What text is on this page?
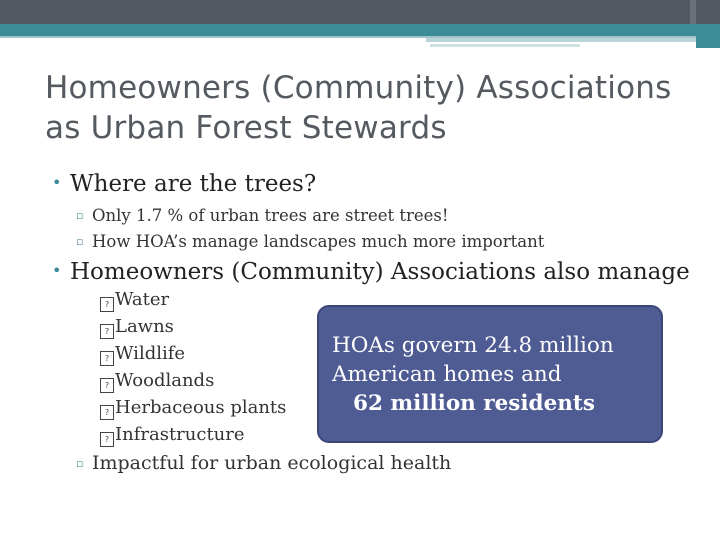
Homeowners (Community) Associations
as Urban Forest Stewards
• Where are the trees?
▫ Only 1.7 % of urban trees are street trees!
▫ How HOA’s manage landscapes much more important
• Homeowners (Community) Associations also manage
? Water
? Lawns
? Wildlife
? Woodlands
? Herbaceous plants
? Infrastructure
▫ Impactful for urban ecological health
HOAs govern 24.8 million
American homes and
62 million residents
